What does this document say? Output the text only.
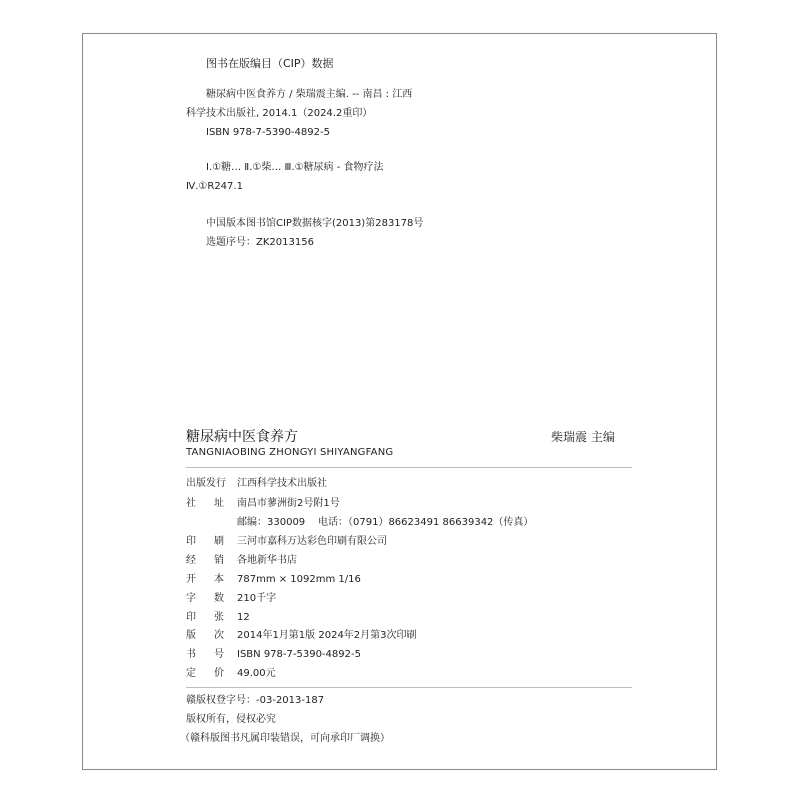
图书在版编目（CIP）数据
糖尿病中医食养方 / 柴瑞震主编. -- 南昌 : 江西
科学技术出版社, 2014.1（2024.2重印）
ISBN 978-7-5390-4892-5
Ⅰ.①糖… Ⅱ.①柴… Ⅲ.①糖尿病 - 食物疗法
Ⅳ.①R247.1
中国版本图书馆CIP数据核字(2013)第283178号
选题序号：ZK2013156
糖尿病中医食养方
TANGNIAOBING ZHONGYI SHIYANGFANG
柴瑞震 主编
出版发行 江西科学技术出版社
社 址 南昌市蓼洲街2号附1号
邮编：330009 电话：（0791）86623491 86639342（传真）
印 刷 三河市嘉科万达彩色印刷有限公司
经 销 各地新华书店
开 本 787mm × 1092mm 1/16
字 数 210千字
印 张 12
版 次 2014年1月第1版 2024年2月第3次印刷
书 号 ISBN 978-7-5390-4892-5
定 价 49.00元
赣版权登字号：-03-2013-187
版权所有，侵权必究
（赣科版图书凡属印装错误，可向承印厂调换）
